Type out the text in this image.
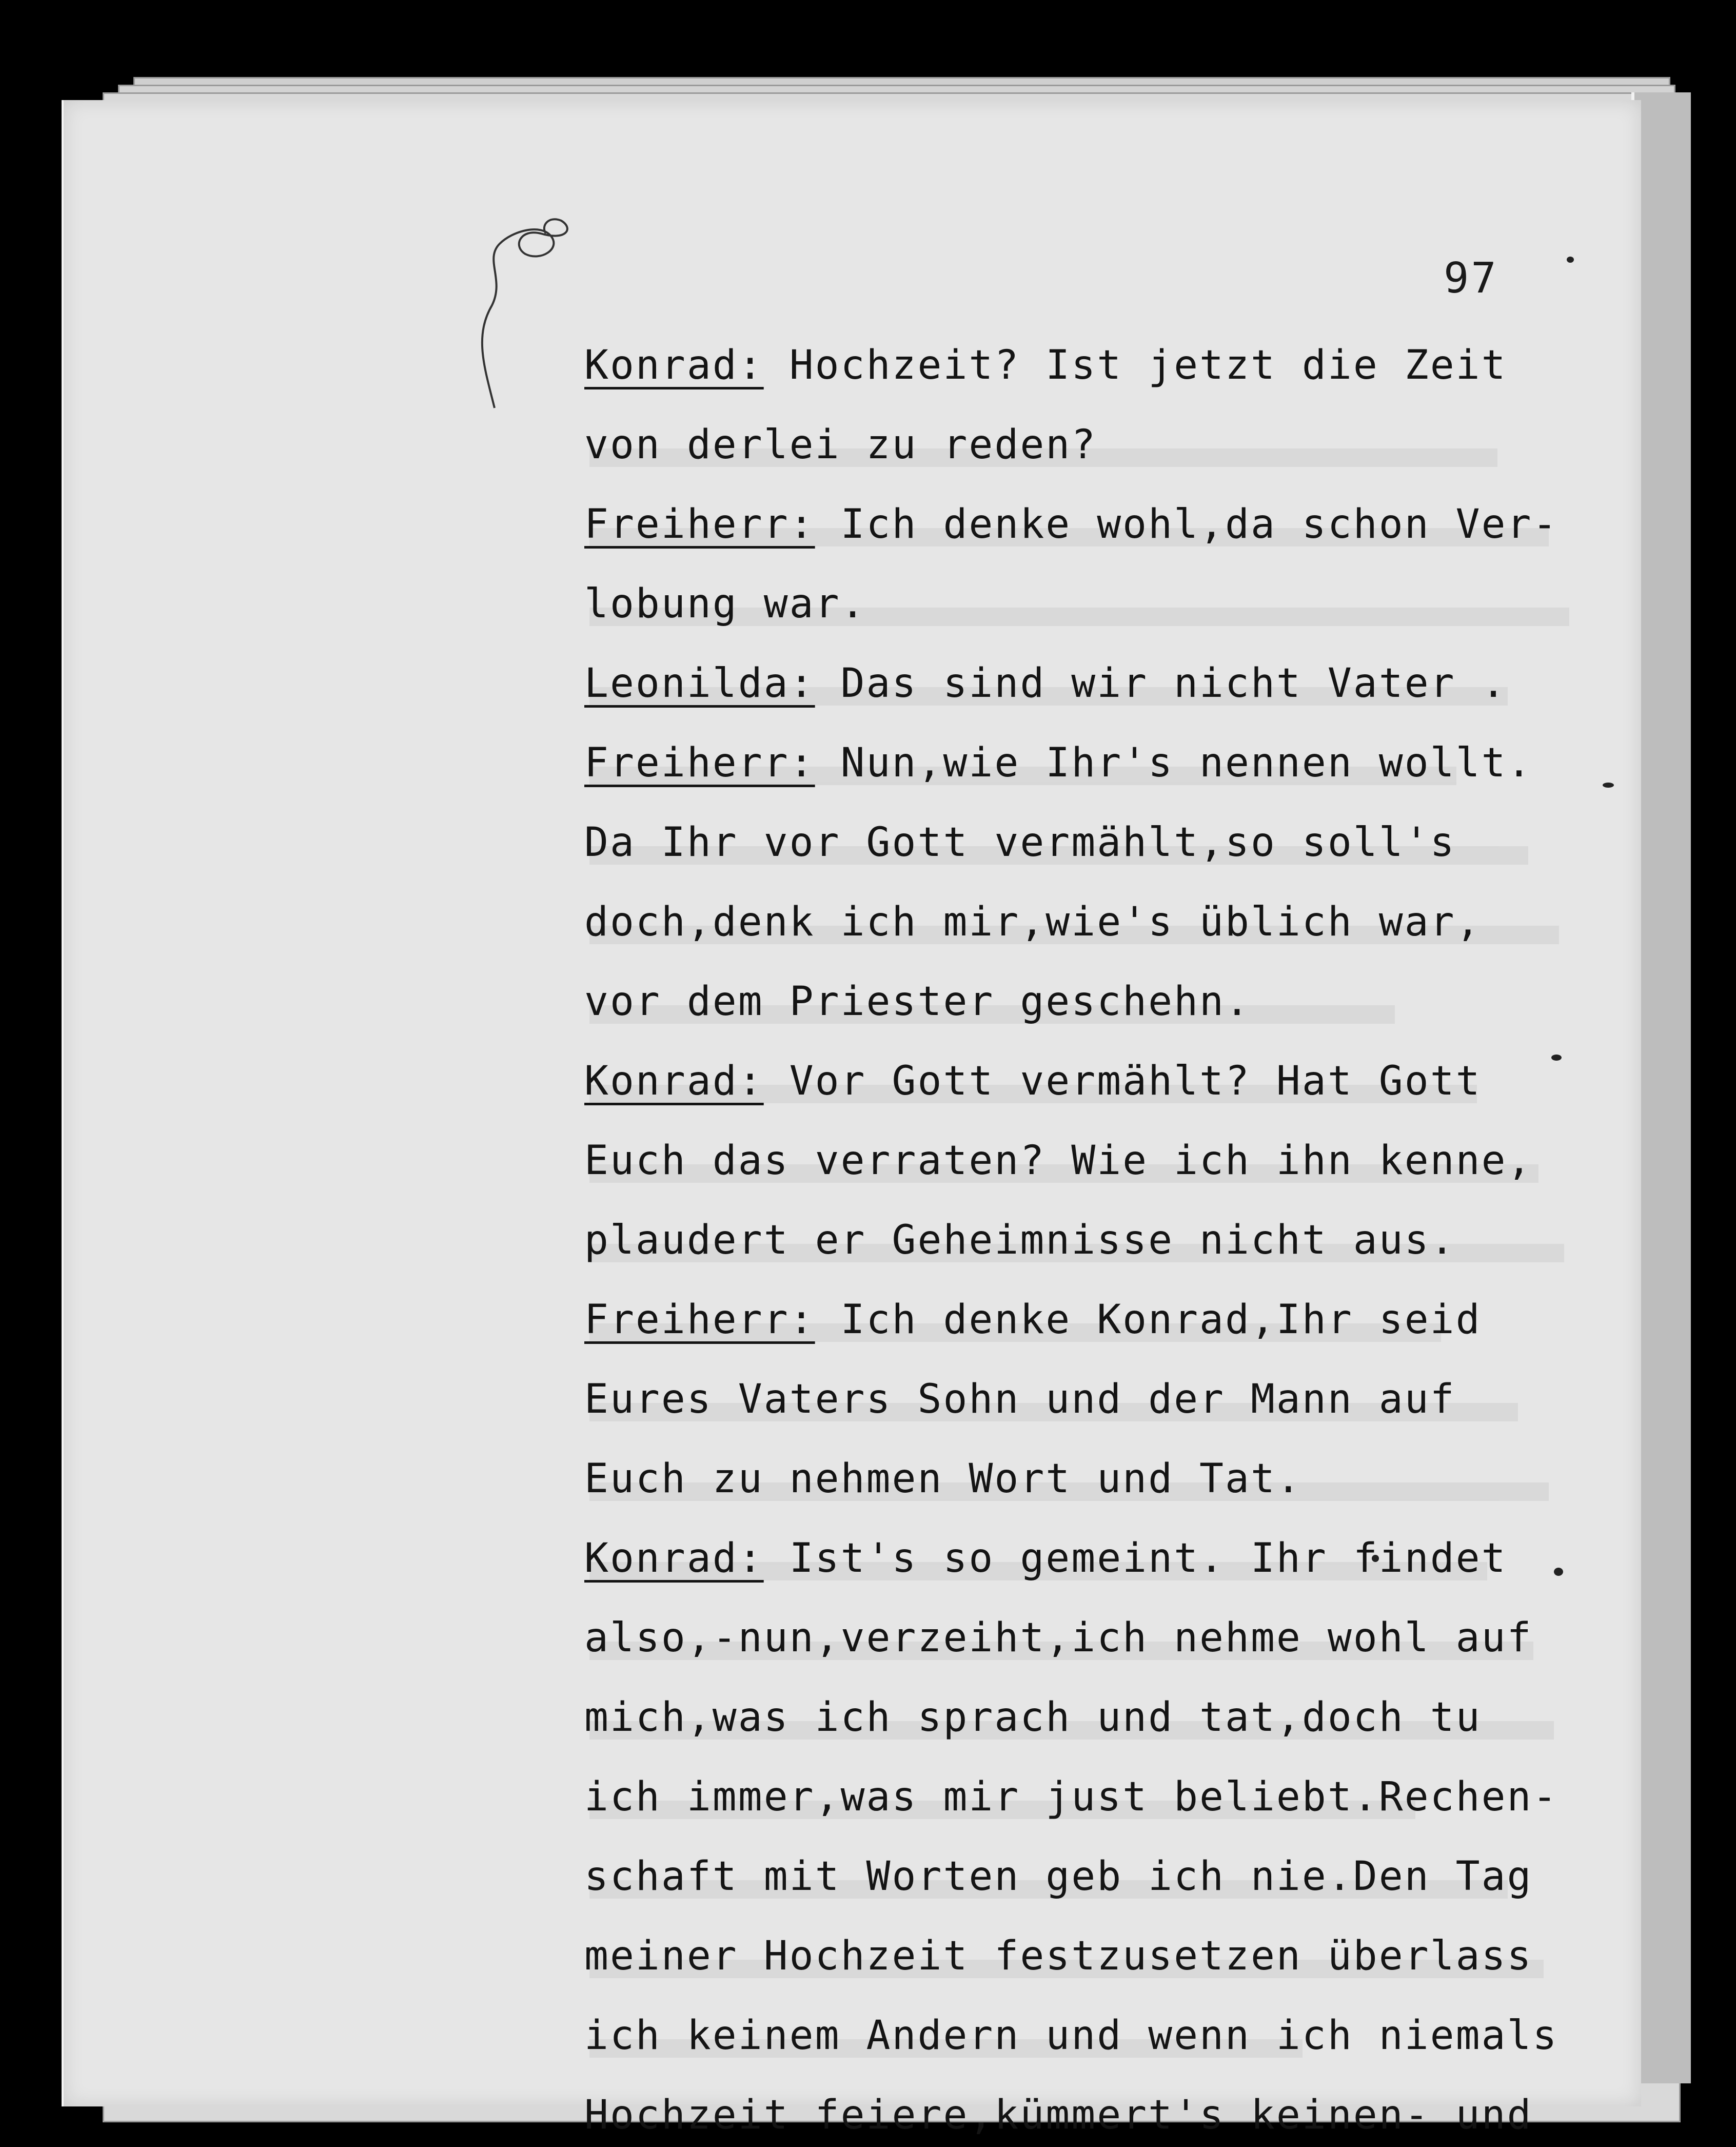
97
Konrad: Hochzeit? Ist jetzt die Zeit
von derlei zu reden?
Freiherr: Ich denke wohl,da schon Ver-
lobung war.
Leonilda: Das sind wir nicht Vater .
Freiherr: Nun,wie Ihr's nennen wollt.
Da Ihr vor Gott vermählt,so soll's
doch,denk ich mir,wie's üblich war,
vor dem Priester geschehn.
Konrad: Vor Gott vermählt? Hat Gott
Euch das verraten? Wie ich ihn kenne,
plaudert er Geheimnisse nicht aus.
Freiherr: Ich denke Konrad,Ihr seid
Eures Vaters Sohn und der Mann auf
Euch zu nehmen Wort und Tat.
Konrad: Ist's so gemeint. Ihr findet
also,-nun,verzeiht,ich nehme wohl auf
mich,was ich sprach und tat,doch tu
ich immer,was mir just beliebt.Rechen-
schaft mit Worten geb ich nie.Den Tag
meiner Hochzeit festzusetzen überlass
ich keinem Andern und wenn ich niemals
Hochzeit feiere,kümmert's keinen- und
